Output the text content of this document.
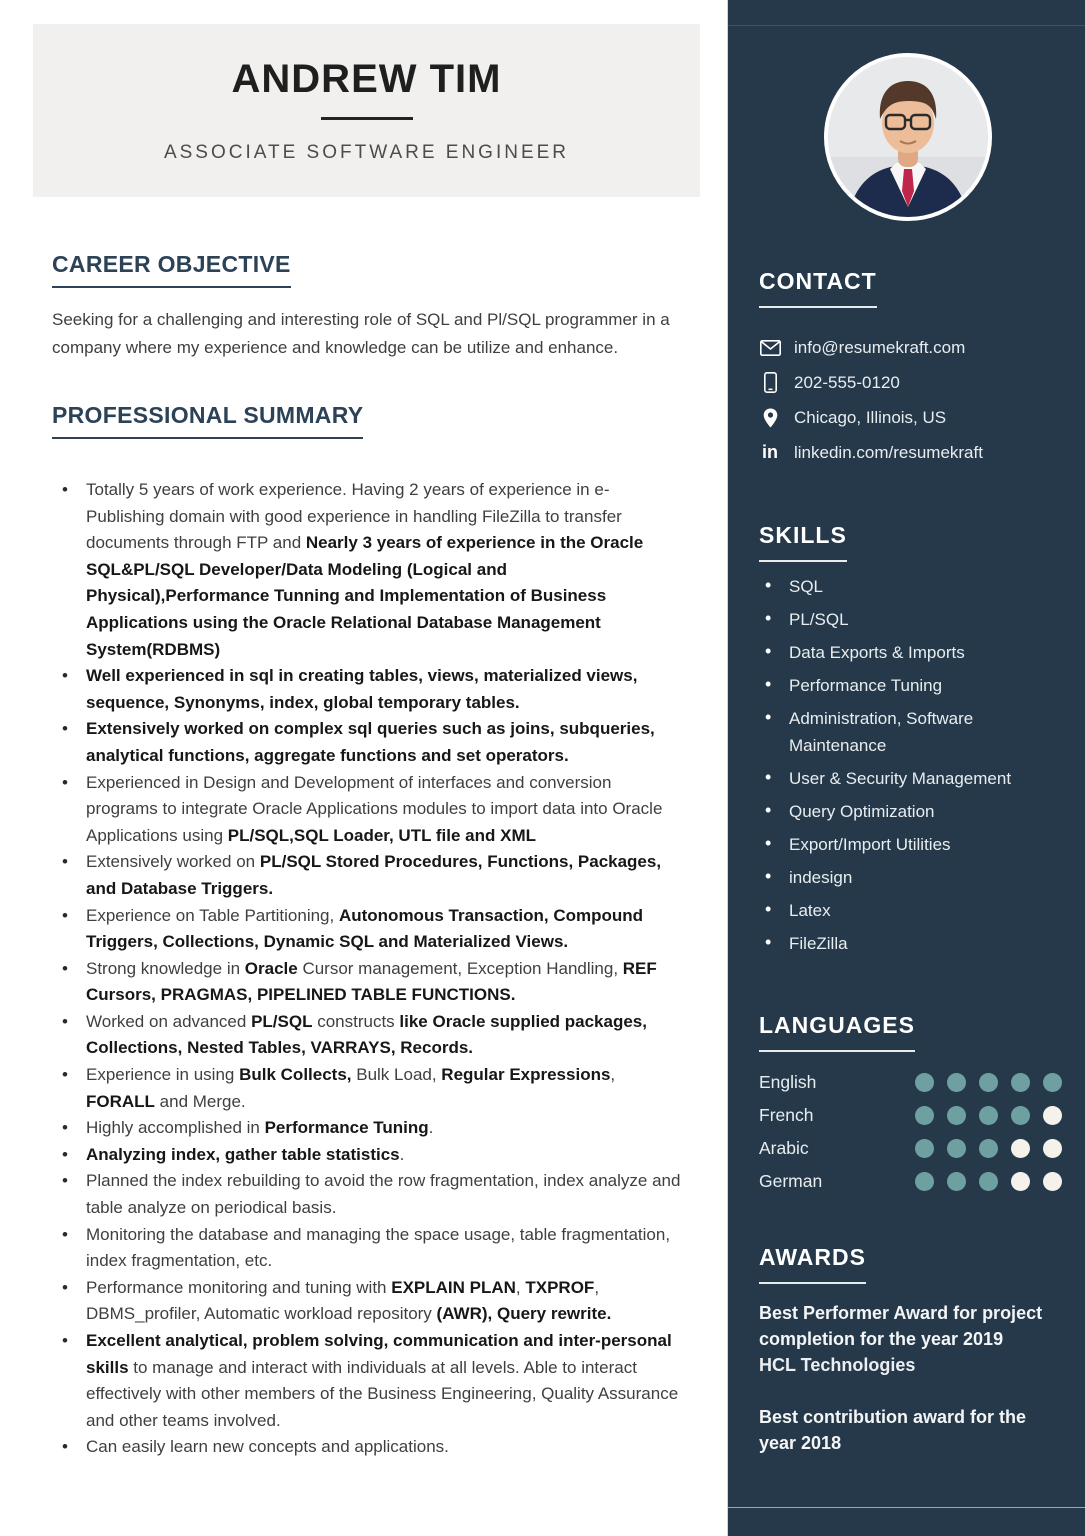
ANDREW TIM
ASSOCIATE SOFTWARE ENGINEER
CAREER OBJECTIVE

Seeking for a challenging and interesting role of SQL and Pl/SQL programmer in a company where my experience and knowledge can be utilize and enhance.

PROFESSIONAL SUMMARY
• Totally 5 years of work experience. Having 2 years of experience in e-Publishing domain with good experience in handling FileZilla to transfer documents through FTP and Nearly 3 years of experience in the Oracle SQL&PL/SQL Developer/Data Modeling (Logical and Physical),Performance Tunning and Implementation of Business Applications using the Oracle Relational Database Management System(RDBMS)
• Well experienced in sql in creating tables, views, materialized views, sequence, Synonyms, index, global temporary tables.
• Extensively worked on complex sql queries such as joins, subqueries, analytical functions, aggregate functions and set operators.
• Experienced in Design and Development of interfaces and conversion programs to integrate Oracle Applications modules to import data into Oracle Applications using PL/SQL,SQL Loader, UTL file and XML
• Extensively worked on PL/SQL Stored Procedures, Functions, Packages, and Database Triggers.
• Experience on Table Partitioning, Autonomous Transaction, Compound Triggers, Collections, Dynamic SQL and Materialized Views.
• Strong knowledge in Oracle Cursor management, Exception Handling, REF Cursors, PRAGMAS, PIPELINED TABLE FUNCTIONS.
• Worked on advanced PL/SQL constructs like Oracle supplied packages, Collections, Nested Tables, VARRAYS, Records.
• Experience in using Bulk Collects, Bulk Load, Regular Expressions, FORALL and Merge.
• Highly accomplished in Performance Tuning.
• Analyzing index, gather table statistics.
• Planned the index rebuilding to avoid the row fragmentation, index analyze and table analyze on periodical basis.
• Monitoring the database and managing the space usage, table fragmentation, index fragmentation, etc.
• Performance monitoring and tuning with EXPLAIN PLAN, TXPROF, DBMS_profiler, Automatic workload repository (AWR), Query rewrite.
• Excellent analytical, problem solving, communication and inter-personal skills to manage and interact with individuals at all levels. Able to interact effectively with other members of the Business Engineering, Quality Assurance and other teams involved.
• Can easily learn new concepts and applications.
CONTACT
info@resumekraft.com
202-555-0120
Chicago, Illinois, US
in linkedin.com/resumekraft
SKILLS
• SQL
• PL/SQL
• Data Exports & Imports
• Performance Tuning
• Administration, Software Maintenance
• User & Security Management
• Query Optimization
• Export/Import Utilities
• indesign
• Latex
• FileZilla
LANGUAGES
English
French
Arabic
German
AWARDS
Best Performer Award for project completion for the year 2019
HCL Technologies
Best contribution award for the year 2018
